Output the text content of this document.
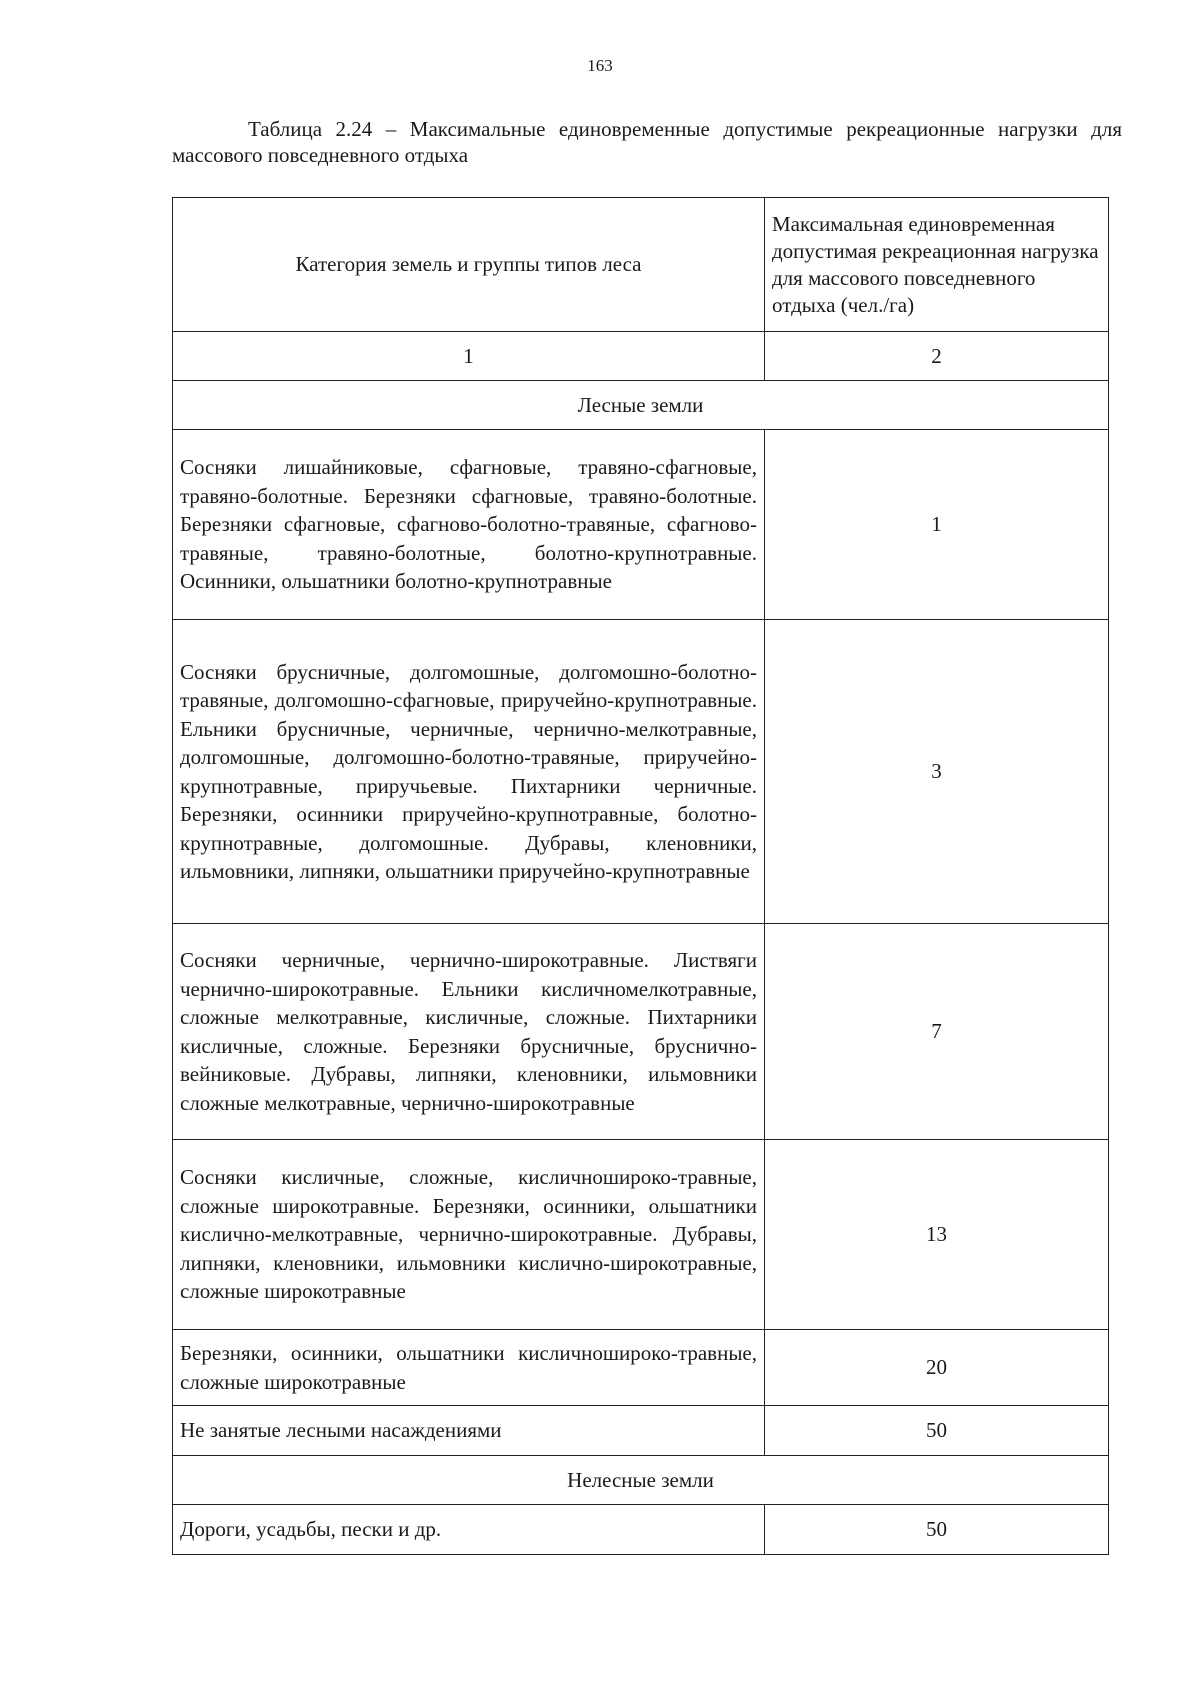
163
Таблица 2.24 – Максимальные единовременные допустимые рекреационные нагрузки для массового повседневного отдыха
Категория земель и группы типов леса	Максимальная единовременная допустимая рекреационная нагрузка для массового повседневного отдыха (чел./га)
1	2
Лесные земли	
Сосняки лишайниковые, сфагновые, травяно-сфагновые, травяно-болотные. Березняки сфагновые, травяно-болотные. Березняки сфагновые, сфагново-болотно-травяные, сфагново-травяные, травяно-болотные, болотно-крупнотравные. Осинники, ольшатники болотно-крупнотравные	1
Сосняки брусничные, долгомошные, долгомошно-болотно-травяные, долгомошно-сфагновые, приручейно-крупнотравные. Ельники брусничные, черничные, чернично-мелкотравные, долгомошные, долгомошно-болотно-травяные, приручейно-крупнотравные, приручьевые. Пихтарники черничные. Березняки, осинники приручейно-крупнотравные, болотно-крупнотравные, долгомошные. Дубравы, кленовники, ильмовники, липняки, ольшатники приручейно-крупнотравные	3
Сосняки черничные, чернично-широкотравные. Листвяги чернично-широкотравные. Ельники кисличномелкотравные, сложные мелкотравные, кисличные, сложные. Пихтарники кисличные, сложные. Березняки брусничные, бруснично-вейниковые. Дубравы, липняки, кленовники, ильмовники сложные мелкотравные, чернично-широкотравные	7
Сосняки кисличные, сложные, кисличношироко-травные, сложные широкотравные. Березняки, осинники, ольшатники кислично-мелкотравные, чернично-широкотравные. Дубравы, липняки, кленовники, ильмовники кислично-широкотравные, сложные широкотравные	13
Березняки, осинники, ольшатники кисличношироко-травные, сложные широкотравные	20
Не занятые лесными насаждениями	50
Нелесные земли	
Дороги, усадьбы, пески и др.	50
